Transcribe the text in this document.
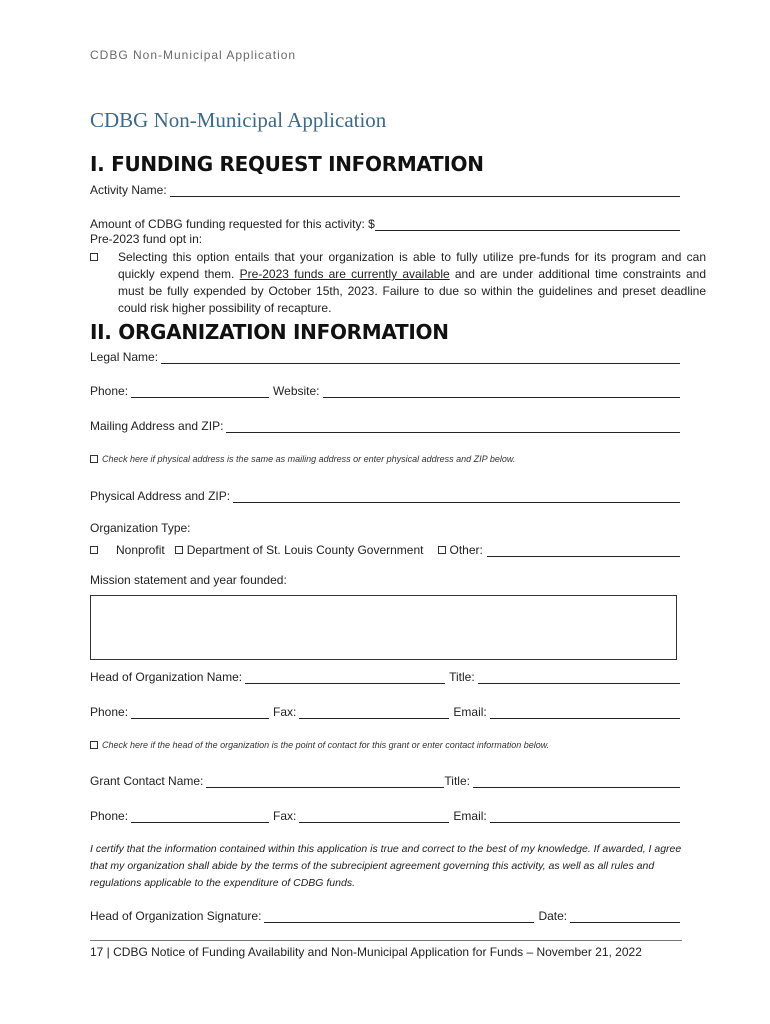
CDBG Non-Municipal Application
CDBG Non-Municipal Application
I. FUNDING REQUEST INFORMATION
Activity Name:
Amount of CDBG funding requested for this activity: $
Pre-2023 fund opt in:
Selecting this option entails that your organization is able to fully utilize pre-funds for its program and can quickly expend them. Pre-2023 funds are currently available and are under additional time constraints and must be fully expended by October 15th, 2023. Failure to due so within the guidelines and preset deadline could risk higher possibility of recapture.
II. ORGANIZATION INFORMATION
Legal Name:
Phone:	Website:
Mailing Address and ZIP:
Check here if physical address is the same as mailing address or enter physical address and ZIP below.
Physical Address and ZIP:
Organization Type:
Nonprofit Department of St. Louis County Government Other:
Mission statement and year founded:
Head of Organization Name:	Title:
Phone:	Fax:	Email:
Check here if the head of the organization is the point of contact for this grant or enter contact information below.
Grant Contact Name:	Title:
Phone:	Fax:	Email:
I certify that the information contained within this application is true and correct to the best of my knowledge. If awarded, I agree that my organization shall abide by the terms of the subrecipient agreement governing this activity, as well as all rules and regulations applicable to the expenditure of CDBG funds.
Head of Organization Signature:	Date:
17 | CDBG Notice of Funding Availability and Non-Municipal Application for Funds – November 21, 2022
